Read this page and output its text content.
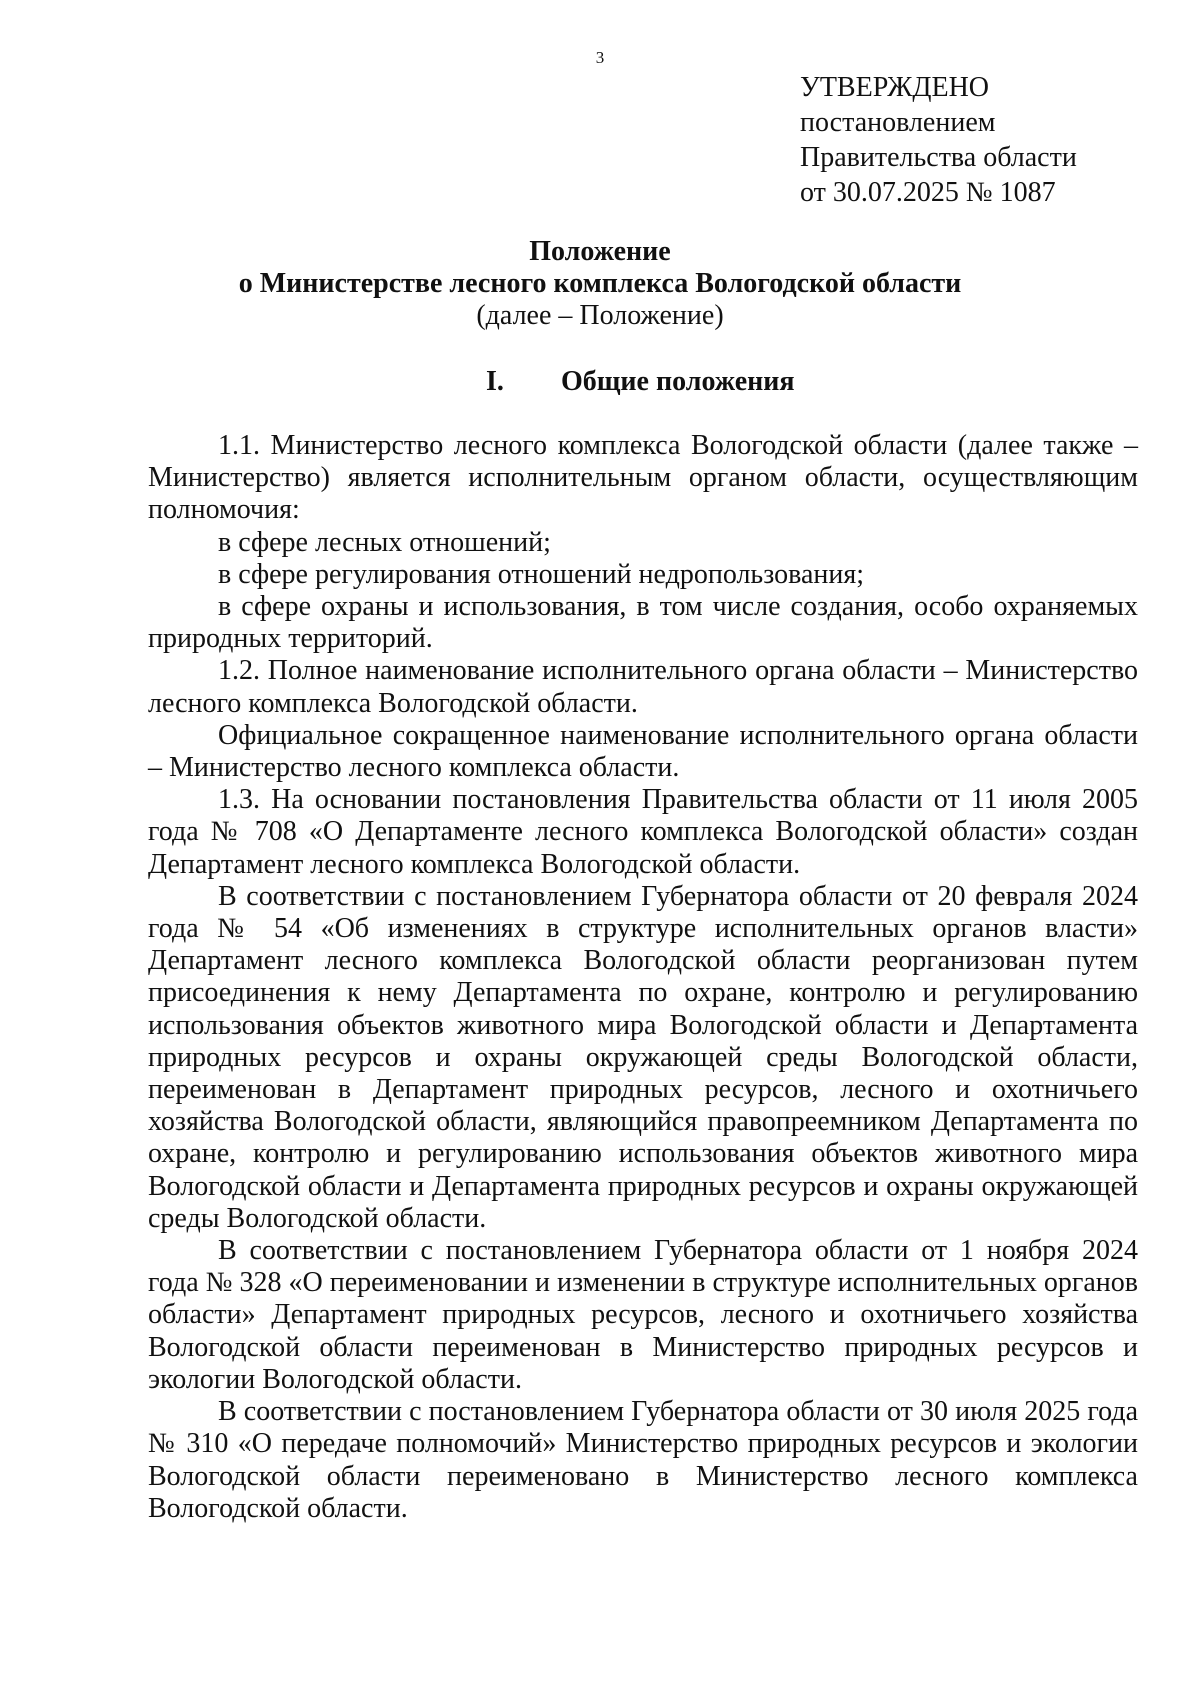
3
УТВЕРЖДЕНО
постановлением
Правительства области
от 30.07.2025 № 1087
Положение
о Министерстве лесного комплекса Вологодской области
(далее – Положение)
I. Общие положения

1.1. Министерство лесного комплекса Вологодской области (далее также – Министерство) является исполнительным органом области, осуществляющим полномочия:

в сфере лесных отношений;

в сфере регулирования отношений недропользования;

в сфере охраны и использования, в том числе создания, особо охраняемых природных территорий.

1.2. Полное наименование исполнительного органа области – Министерство лесного комплекса Вологодской области.

Официальное сокращенное наименование исполнительного органа области – Министерство лесного комплекса области.

1.3. На основании постановления Правительства области от 11 июля 2005 года № 708 «О Департаменте лесного комплекса Вологодской области» создан Департамент лесного комплекса Вологодской области.

В соответствии с постановлением Губернатора области от 20 февраля 2024 года № 54 «Об изменениях в структуре исполнительных органов власти» Департамент лесного комплекса Вологодской области реорганизован путем присоединения к нему Департамента по охране, контролю и регулированию использования объектов животного мира Вологодской области и Департамента природных ресурсов и охраны окружающей среды Вологодской области, переименован в Департамент природных ресурсов, лесного и охотничьего хозяйства Вологодской области, являющийся правопреемником Департамента по охране, контролю и регулированию использования объектов животного мира Вологодской области и Департамента природных ресурсов и охраны окружающей среды Вологодской области.

В соответствии с постановлением Губернатора области от 1 ноября 2024 года № 328 «О переименовании и изменении в структуре исполнительных органов области» Департамент природных ресурсов, лесного и охотничьего хозяйства Вологодской области переименован в Министерство природных ресурсов и экологии Вологодской области.

В соответствии с постановлением Губернатора области от 30 июля 2025 года № 310 «О передаче полномочий» Министерство природных ресурсов и экологии Вологодской области переименовано в Министерство лесного комплекса Вологодской области.
